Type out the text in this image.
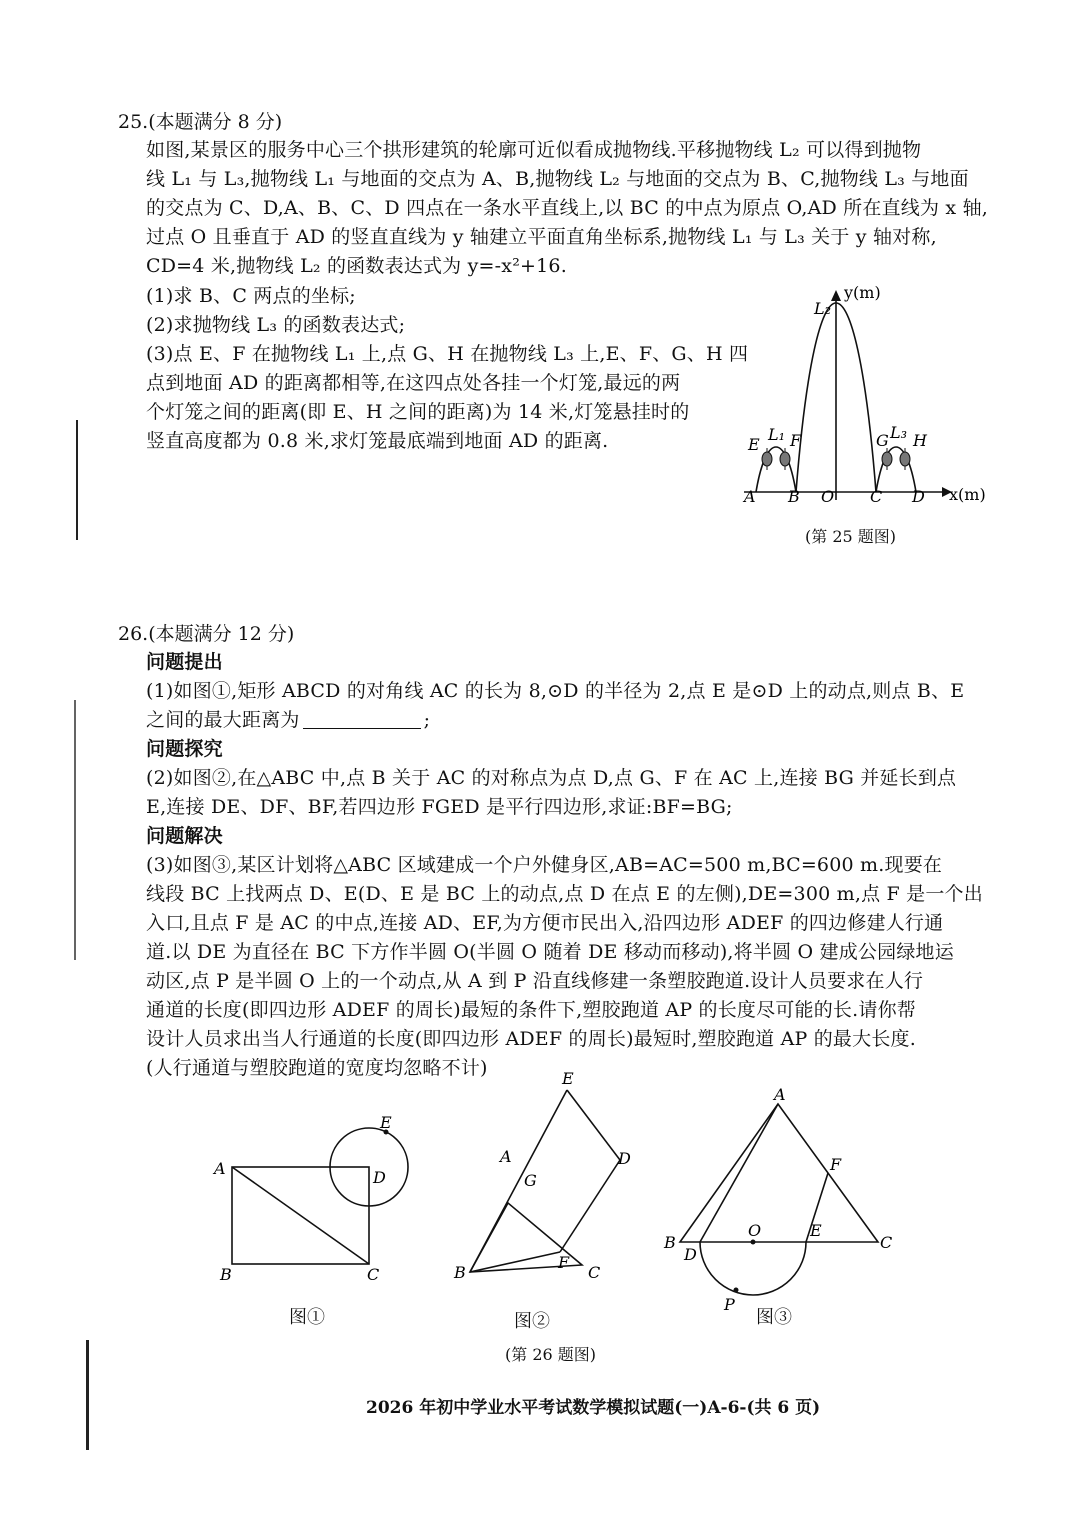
25.(本题满分 8 分)
如图,某景区的服务中心三个拱形建筑的轮廓可近似看成抛物线.平移抛物线 L₂ 可以得到抛物
线 L₁ 与 L₃,抛物线 L₁ 与地面的交点为 A、B,抛物线 L₂ 与地面的交点为 B、C,抛物线 L₃ 与地面
的交点为 C、D,A、B、C、D 四点在一条水平直线上,以 BC 的中点为原点 O,AD 所在直线为 x 轴,
过点 O 且垂直于 AD 的竖直直线为 y 轴建立平面直角坐标系,抛物线 L₁ 与 L₃ 关于 y 轴对称,
CD=4 米,抛物线 L₂ 的函数表达式为 y=-x²+16.
(1)求 B、C 两点的坐标;
(2)求抛物线 L₃ 的函数表达式;
(3)点 E、F 在抛物线 L₁ 上,点 G、H 在抛物线 L₃ 上,E、F、G、H 四
点到地面 AD 的距离都相等,在这四点处各挂一个灯笼,最远的两
个灯笼之间的距离(即 E、H 之间的距离)为 14 米,灯笼悬挂时的
竖直高度都为 0.8 米,求灯笼最底端到地面 AD 的距离.
L₂
y(m)
x(m)
E
L₁ F	G L₃ H
A B O C D
(第 25 题图)
26.(本题满分 12 分)
问题提出
(1)如图①,矩形 ABCD 的对角线 AC 的长为 8,⊙D 的半径为 2,点 E 是⊙D 上的动点,则点 B、E
之间的最大距离为	;
问题探究
(2)如图②,在△ABC 中,点 B 关于 AC 的对称点为点 D,点 G、F 在 AC 上,连接 BG 并延长到点
E,连接 DE、DF、BF,若四边形 FGED 是平行四边形,求证:BF=BG;
问题解决
(3)如图③,某区计划将△ABC 区域建成一个户外健身区,AB=AC=500 m,BC=600 m.现要在
线段 BC 上找两点 D、E(D、E 是 BC 上的动点,点 D 在点 E 的左侧),DE=300 m,点 F 是一个出
入口,且点 F 是 AC 的中点,连接 AD、EF,为方便市民出入,沿四边形 ADEF 的四边修建人行通
道.以 DE 为直径在 BC 下方作半圆 O(半圆 O 随着 DE 移动而移动),将半圆 O 建成公园绿地运
动区,点 P 是半圆 O 上的一个动点,从 A 到 P 沿直线修建一条塑胶跑道.设计人员要求在人行
通道的长度(即四边形 ADEF 的周长)最短的条件下,塑胶跑道 AP 的长度尽可能的长.请你帮
设计人员求出当人行通道的长度(即四边形 ADEF 的周长)最短时,塑胶跑道 AP 的最大长度.
(人行通道与塑胶跑道的宽度均忽略不计)
A	D
E
B	C
图①
E
D
A
G
F
B	C
图②
A
F
B
D
O	E
C
P
图③
(第 26 题图)
2026 年初中学业水平考试数学模拟试题(一)A-6-(共 6 页)
